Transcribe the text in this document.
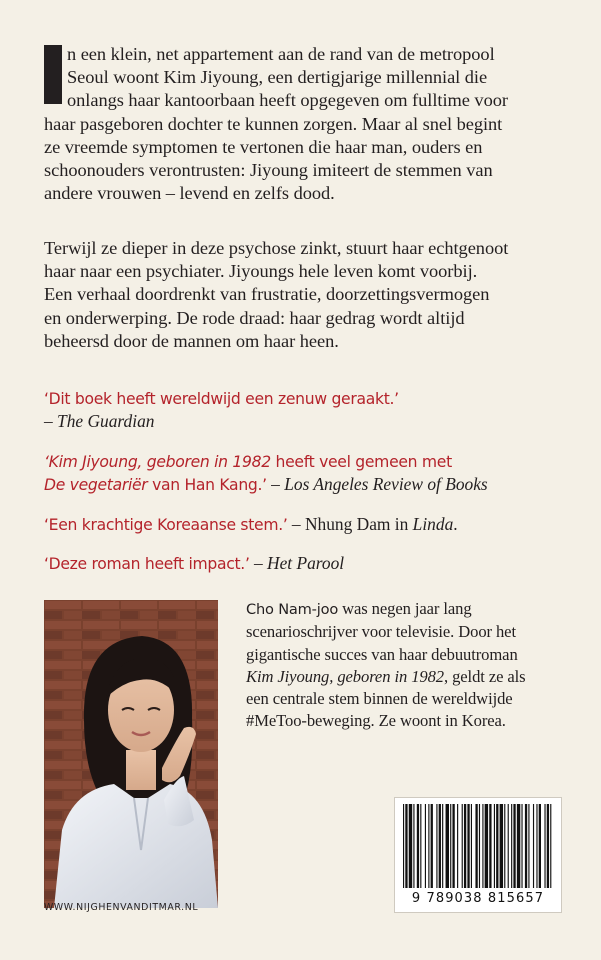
n een klein, net appartement aan de rand van de metropool
Seoul woont Kim Jiyoung, een dertigjarige millennial die
onlangs haar kantoorbaan heeft opgegeven om fulltime voor
haar pasgeboren dochter te kunnen zorgen. Maar al snel begint
ze vreemde symptomen te vertonen die haar man, ouders en
schoonouders verontrusten: Jiyoung imiteert de stemmen van
andere vrouwen – levend en zelfs dood.
Terwijl ze dieper in deze psychose zinkt, stuurt haar echtgenoot
haar naar een psychiater. Jiyoungs hele leven komt voorbij.
Een verhaal doordrenkt van frustratie, doorzettingsvermogen
en onderwerping. De rode draad: haar gedrag wordt altijd
beheersd door de mannen om haar heen.
‘Dit boek heeft wereldwijd een zenuw geraakt.’
– The Guardian
‘Kim Jiyoung, geboren in 1982 heeft veel gemeen met
De vegetariër van Han Kang.’ – Los Angeles Review of Books
‘Een krachtige Koreaanse stem.’ – Nhung Dam in Linda.
‘Deze roman heeft impact.’ – Het Parool
Cho Nam-joo was negen jaar lang
scenarioschrijver voor televisie. Door het
gigantische succes van haar debuutroman
Kim Jiyoung, geboren in 1982, geldt ze als
een centrale stem binnen de wereldwijde
#MeToo-beweging. Ze woont in Korea.
9 789038 815657
WWW.NIJGHENVANDITMAR.NL
